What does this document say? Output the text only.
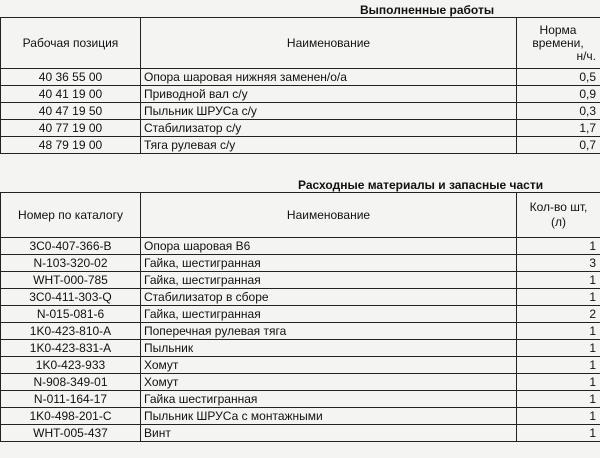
Выполненные работы
Рабочая позиция	Наименование	Норма
времени,
н/ч.

40 36 55 00	Опора шаровая нижняя заменен/о/а	0,5
40 41 19 00	Приводной вал с/у	0,9
40 47 19 50	Пыльник ШРУСа с/у	0,3
40 77 19 00	Стабилизатор с/у	1,7
48 79 19 00	Тяга рулевая с/у	0,7
Расходные материалы и запасные части
Номер по каталогу	Наименование	Кол-во шт,
(л)

3C0-407-366-B	Опора шаровая В6	1
N-103-320-02	Гайка, шестигранная	3
WHT-000-785	Гайка, шестигранная	1
3C0-411-303-Q	Стабилизатор в сборе	1
N-015-081-6	Гайка, шестигранная	2
1K0-423-810-A	Поперечная рулевая тяга	1
1K0-423-831-A	Пыльник	1
1K0-423-933	Хомут	1
N-908-349-01	Хомут	1
N-011-164-17	Гайка шестигранная	1
1K0-498-201-C	Пыльник ШРУСа с монтажными	1
WHT-005-437	Винт	1
